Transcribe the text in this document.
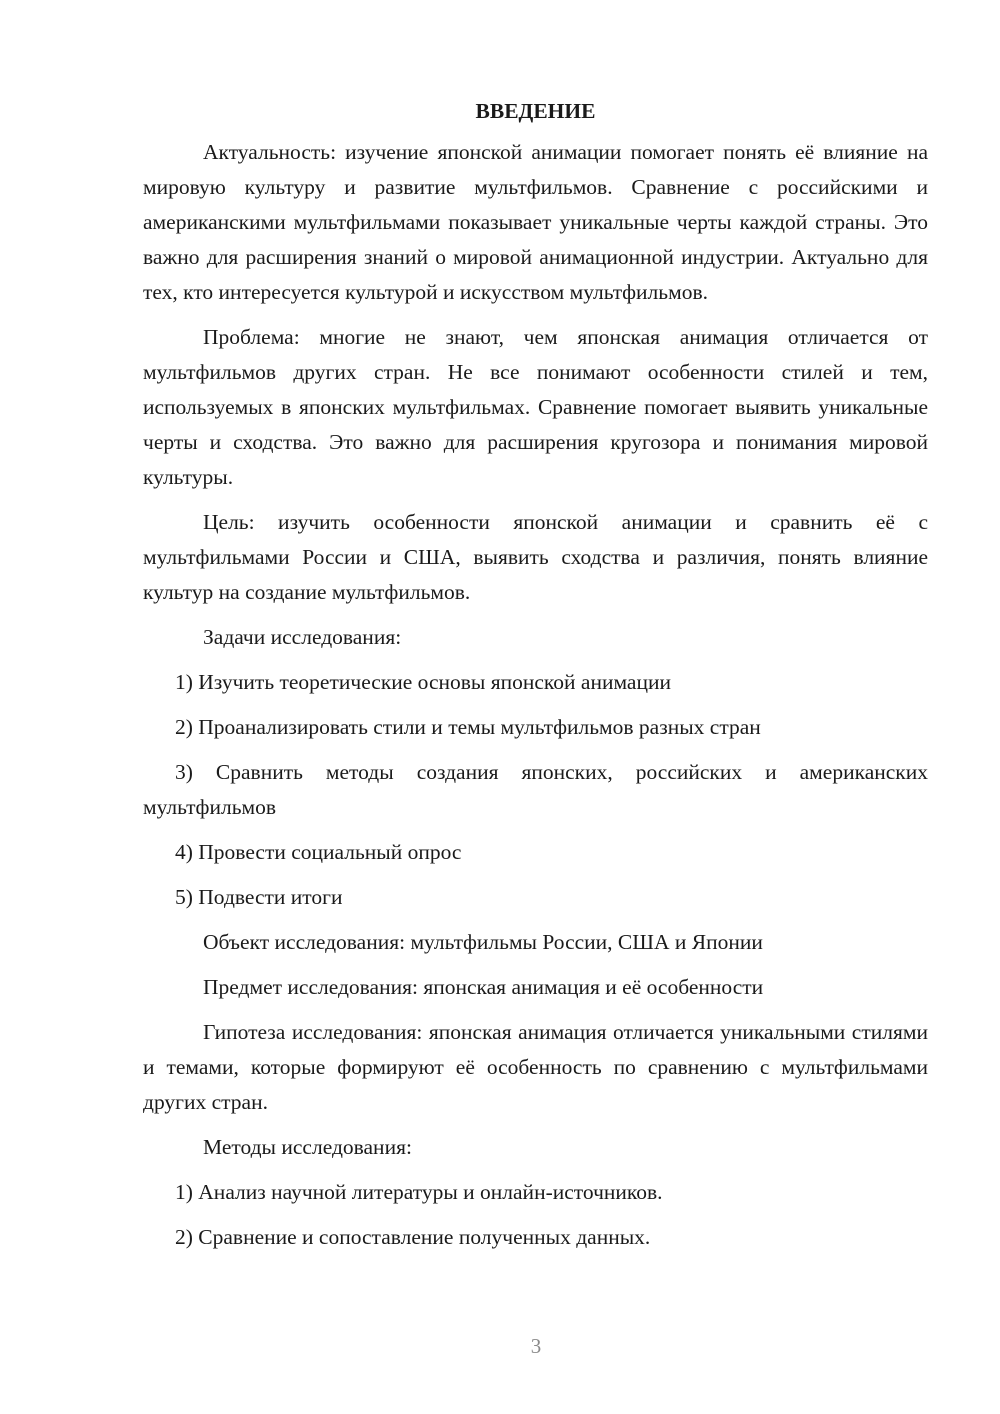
ВВЕДЕНИЕ

Актуальность: изучение японской анимации помогает понять её влияние на мировую культуру и развитие мультфильмов. Сравнение с российскими и американскими мультфильмами показывает уникальные черты каждой страны. Это важно для расширения знаний о мировой анимационной индустрии. Актуально для тех, кто интересуется культурой и искусством мультфильмов.

Проблема: многие не знают, чем японская анимация отличается от мультфильмов других стран. Не все понимают особенности стилей и тем, используемых в японских мультфильмах. Сравнение помогает выявить уникальные черты и сходства. Это важно для расширения кругозора и понимания мировой культуры.

Цель: изучить особенности японской анимации и сравнить её с мультфильмами России и США, выявить сходства и различия, понять влияние культур на создание мультфильмов.

Задачи исследования:

1) Изучить теоретические основы японской анимации

2) Проанализировать стили и темы мультфильмов разных стран

3) Сравнить методы создания японских, российских и американских мультфильмов

4) Провести социальный опрос

5) Подвести итоги

Объект исследования: мультфильмы России, США и Японии

Предмет исследования: японская анимация и её особенности

Гипотеза исследования: японская анимация отличается уникальными стилями и темами, которые формируют её особенность по сравнению с мультфильмами других стран.

Методы исследования:

1) Анализ научной литературы и онлайн-источников.

2) Сравнение и сопоставление полученных данных.

3
